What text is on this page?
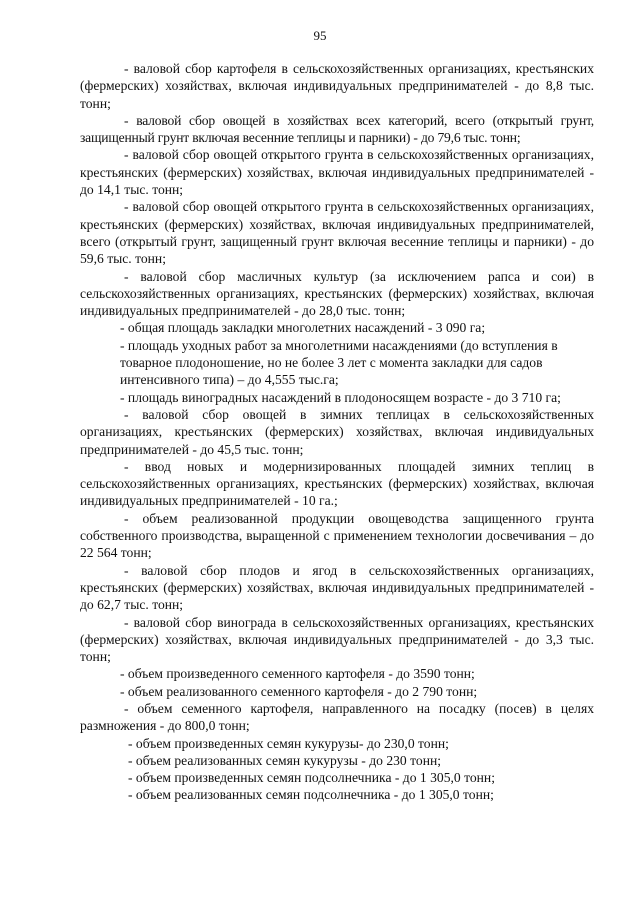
95

- валовой сбор картофеля в сельскохозяйственных организациях, крестьянских (фермерских) хозяйствах, включая индивидуальных предпринимателей - до 8,8 тыс. тонн;

- валовой сбор овощей в хозяйствах всех категорий, всего (открытый грунт, защищенный грунт включая весенние теплицы и парники) - до 79,6 тыс. тонн;

- валовой сбор овощей открытого грунта в сельскохозяйственных организациях, крестьянских (фермерских) хозяйствах, включая индивидуальных предпринимателей - до 14,1 тыс. тонн;

- валовой сбор овощей открытого грунта в сельскохозяйственных организациях, крестьянских (фермерских) хозяйствах, включая индивидуальных предпринимателей, всего (открытый грунт, защищенный грунт включая весенние теплицы и парники) - до 59,6 тыс. тонн;

- валовой сбор масличных культур (за исключением рапса и сои) в сельскохозяйственных организациях, крестьянских (фермерских) хозяйствах, включая индивидуальных предпринимателей - до 28,0 тыс. тонн;

- общая площадь закладки многолетних насаждений - 3 090 га;

- площадь уходных работ за многолетними насаждениями (до вступления в товарное плодоношение, но не более 3 лет с момента закладки для садов интенсивного типа) – до 4,555 тыс.га;

- площадь виноградных насаждений в плодоносящем возрасте - до 3 710 га;

- валовой сбор овощей в зимних теплицах в сельскохозяйственных организациях, крестьянских (фермерских) хозяйствах, включая индивидуальных предпринимателей - до 45,5 тыс. тонн;

- ввод новых и модернизированных площадей зимних теплиц в сельскохозяйственных организациях, крестьянских (фермерских) хозяйствах, включая индивидуальных предпринимателей - 10 га.;

- объем реализованной продукции овощеводства защищенного грунта собственного производства, выращенной с применением технологии досвечивания – до 22 564 тонн;

- валовой сбор плодов и ягод в сельскохозяйственных организациях, крестьянских (фермерских) хозяйствах, включая индивидуальных предпринимателей - до 62,7 тыс. тонн;

- валовой сбор винограда в сельскохозяйственных организациях, крестьянских (фермерских) хозяйствах, включая индивидуальных предпринимателей - до 3,3 тыс. тонн;

- объем произведенного семенного картофеля - до 3590 тонн;

- объем реализованного семенного картофеля - до 2 790 тонн;

- объем семенного картофеля, направленного на посадку (посев) в целях размножения - до 800,0 тонн;

- объем произведенных семян кукурузы- до 230,0 тонн;

- объем реализованных семян кукурузы - до 230 тонн;

- объем произведенных семян подсолнечника - до 1 305,0 тонн;

- объем реализованных семян подсолнечника - до 1 305,0 тонн;
